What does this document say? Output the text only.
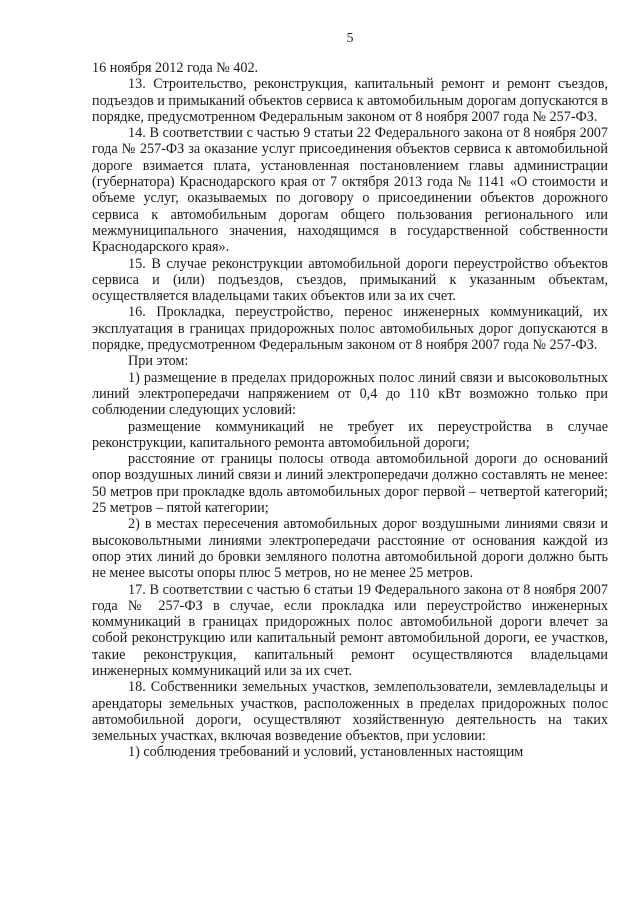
5

16 ноября 2012 года № 402.

13. Строительство, реконструкция, капитальный ремонт и ремонт съездов, подъездов и примыканий объектов сервиса к автомобильным дорогам допускаются в порядке, предусмотренном Федеральным законом от 8 ноября 2007 года № 257-ФЗ.

14. В соответствии с частью 9 статьи 22 Федерального закона от 8 ноября 2007 года № 257-ФЗ за оказание услуг присоединения объектов сервиса к автомобильной дороге взимается плата, установленная постановлением главы администрации (губернатора) Краснодарского края от 7 октября 2013 года № 1141 «О стоимости и объеме услуг, оказываемых по договору о присоединении объектов дорожного сервиса к автомобильным дорогам общего пользования регионального или межмуниципального значения, находящимся в государственной собственности Краснодарского края».

15. В случае реконструкции автомобильной дороги переустройство объектов сервиса и (или) подъездов, съездов, примыканий к указанным объектам, осуществляется владельцами таких объектов или за их счет.

16. Прокладка, переустройство, перенос инженерных коммуникаций, их эксплуатация в границах придорожных полос автомобильных дорог допускаются в порядке, предусмотренном Федеральным законом от 8 ноября 2007 года № 257-ФЗ.

При этом:

1) размещение в пределах придорожных полос линий связи и высоковольтных линий электропередачи напряжением от 0,4 до 110 кВт возможно только при соблюдении следующих условий:

размещение коммуникаций не требует их переустройства в случае реконструкции, капитального ремонта автомобильной дороги;

расстояние от границы полосы отвода автомобильной дороги до оснований опор воздушных линий связи и линий электропередачи должно составлять не менее: 50 метров при прокладке вдоль автомобильных дорог первой – четвертой категорий; 25 метров – пятой категории;

2) в местах пересечения автомобильных дорог воздушными линиями связи и высоковольтными линиями электропередачи расстояние от основания каждой из опор этих линий до бровки земляного полотна автомобильной дороги должно быть не менее высоты опоры плюс 5 метров, но не менее 25 метров.

17. В соответствии с частью 6 статьи 19 Федерального закона от 8 ноября 2007 года № 257-ФЗ в случае, если прокладка или переустройство инженерных коммуникаций в границах придорожных полос автомобильной дороги влечет за собой реконструкцию или капитальный ремонт автомобильной дороги, ее участков, такие реконструкция, капитальный ремонт осуществляются владельцами инженерных коммуникаций или за их счет.

18. Собственники земельных участков, землепользователи, землевладельцы и арендаторы земельных участков, расположенных в пределах придорожных полос автомобильной дороги, осуществляют хозяйственную деятельность на таких земельных участках, включая возведение объектов, при условии:

1) соблюдения требований и условий, установленных настоящим
